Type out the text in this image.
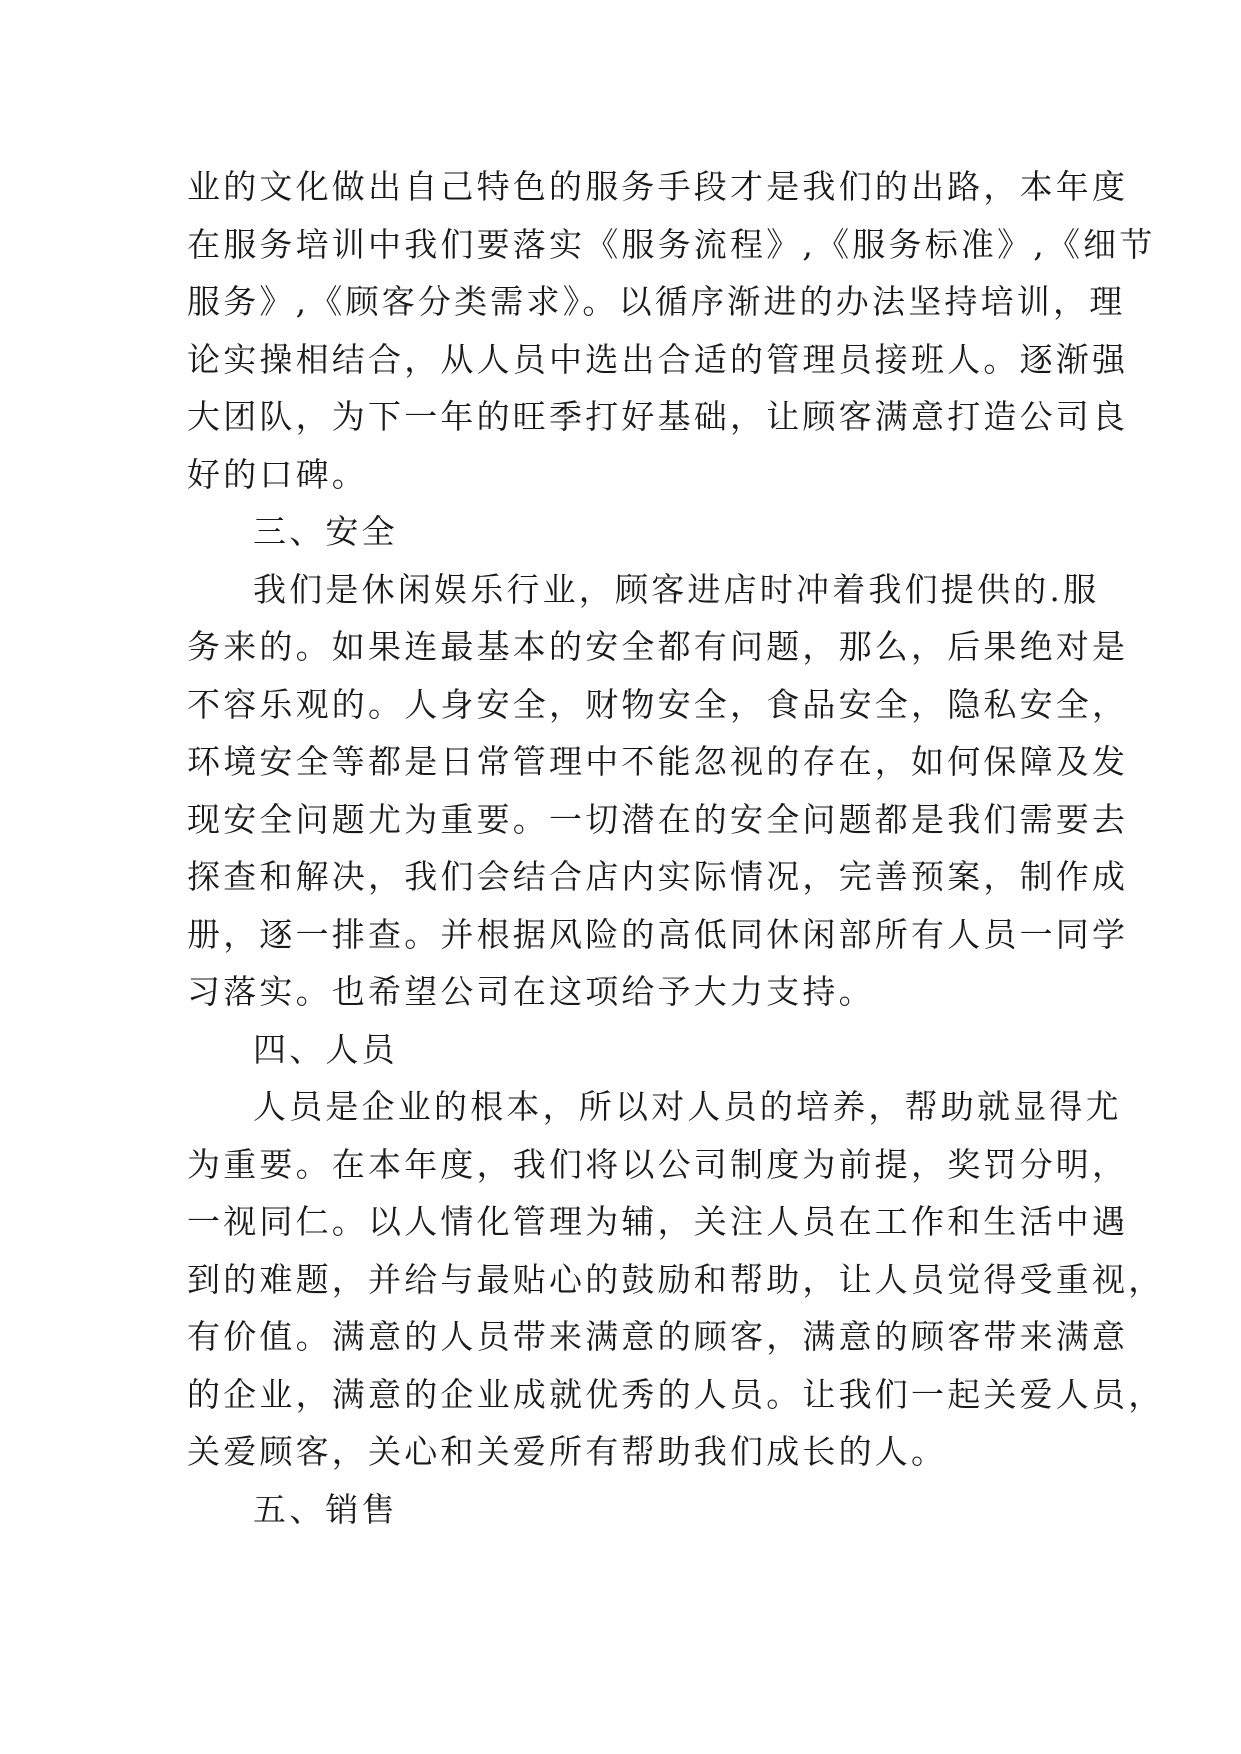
业的文化做出自己特色的服务手段才是我们的出路，本年度
在服务培训中我们要落实《服务流程》,《服务标准》,《细节
服务》,《顾客分类需求》。以循序渐进的办法坚持培训，理
论实操相结合，从人员中选出合适的管理员接班人。逐渐强
大团队，为下一年的旺季打好基础，让顾客满意打造公司良
好的口碑。
三、安全
我们是休闲娱乐行业，顾客进店时冲着我们提供的.服
务来的。如果连最基本的安全都有问题，那么，后果绝对是
不容乐观的。人身安全，财物安全，食品安全，隐私安全，
环境安全等都是日常管理中不能忽视的存在，如何保障及发
现安全问题尤为重要。一切潜在的安全问题都是我们需要去
探查和解决，我们会结合店内实际情况，完善预案，制作成
册，逐一排查。并根据风险的高低同休闲部所有人员一同学
习落实。也希望公司在这项给予大力支持。
四、人员
人员是企业的根本，所以对人员的培养，帮助就显得尤
为重要。在本年度，我们将以公司制度为前提，奖罚分明，
一视同仁。以人情化管理为辅，关注人员在工作和生活中遇
到的难题，并给与最贴心的鼓励和帮助，让人员觉得受重视，
有价值。满意的人员带来满意的顾客，满意的顾客带来满意
的企业，满意的企业成就优秀的人员。让我们一起关爱人员，
关爱顾客，关心和关爱所有帮助我们成长的人。
五、销售
